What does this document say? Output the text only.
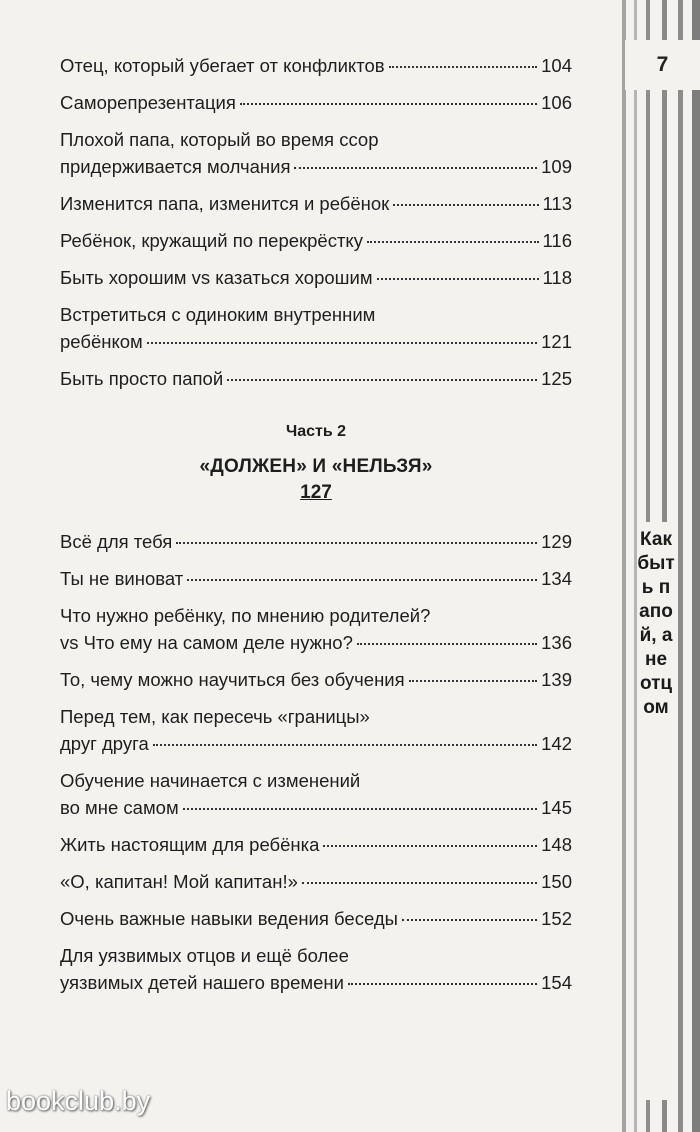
7
Как быть папой, а не отцом
Отец, который убегает от конфликтов	104
Саморепрезентация	106
Плохой папа, который во время ссор
придерживается молчания	109
Изменится папа, изменится и ребёнок	113
Ребёнок, кружащий по перекрёстку	116
Быть хорошим vs казаться хорошим	118
Встретиться с одиноким внутренним
ребёнком	121
Быть просто папой	125
Часть 2
«ДОЛЖЕН» И «НЕЛЬЗЯ»
127
Всё для тебя	129
Ты не виноват	134
Что нужно ребёнку, по мнению родителей?
vs Что ему на самом деле нужно?	136
То, чему можно научиться без обучения	139
Перед тем, как пересечь «границы»
друг друга	142
Обучение начинается с изменений
во мне самом	145
Жить настоящим для ребёнка	148
«О, капитан! Мой капитан!»	150
Очень важные навыки ведения беседы	152
Для уязвимых отцов и ещё более
уязвимых детей нашего времени	154
bookclub.by
